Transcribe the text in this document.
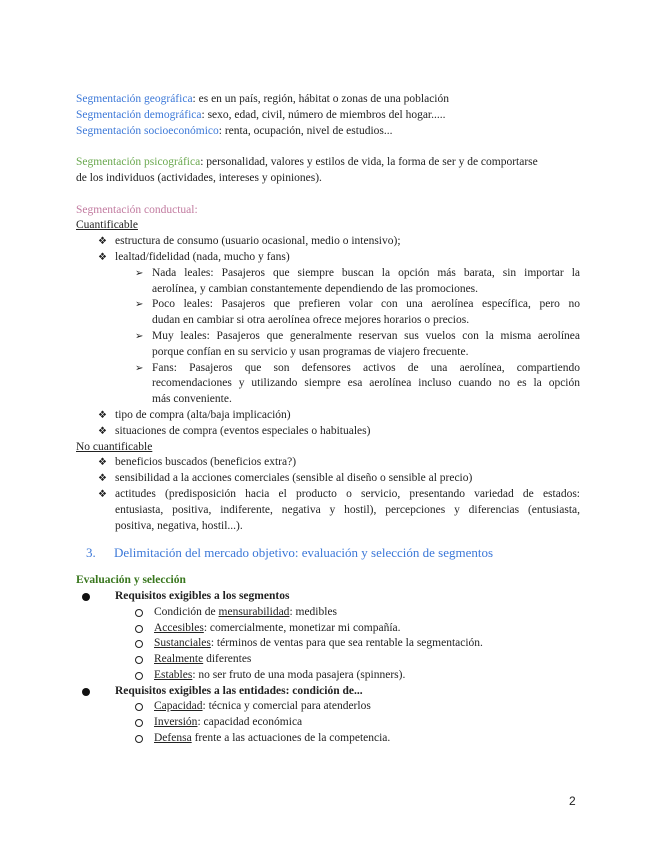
Segmentación geográfica: es en un país, región, hábitat o zonas de una población
Segmentación demográfica: sexo, edad, civil, número de miembros del hogar.....
Segmentación socioeconómico: renta, ocupación, nivel de estudios...
Segmentación psicográfica: personalidad, valores y estilos de vida, la forma de ser y de comportarse
de los individuos (actividades, intereses y opiniones).
Segmentación conductual:
Cuantificable
❖ estructura de consumo (usuario ocasional, medio o intensivo);
❖ lealtad/fidelidad (nada, mucho y fans)
➢ Nada leales: Pasajeros que siempre buscan la opción más barata, sin importar la
aerolínea, y cambian constantemente dependiendo de las promociones.
➢ Poco leales: Pasajeros que prefieren volar con una aerolínea específica, pero no
dudan en cambiar si otra aerolínea ofrece mejores horarios o precios.
➢ Muy leales: Pasajeros que generalmente reservan sus vuelos con la misma aerolínea
porque confían en su servicio y usan programas de viajero frecuente.
➢ Fans: Pasajeros que son defensores activos de una aerolínea, compartiendo
recomendaciones y utilizando siempre esa aerolínea incluso cuando no es la opción
más conveniente.
❖ tipo de compra (alta/baja implicación)
❖ situaciones de compra (eventos especiales o habituales)
No cuantificable
❖ beneficios buscados (beneficios extra?)
❖ sensibilidad a la acciones comerciales (sensible al diseño o sensible al precio)
❖ actitudes (predisposición hacia el producto o servicio, presentando variedad de estados:
entusiasta, positiva, indiferente, negativa y hostil), percepciones y diferencias (entusiasta,
positiva, negativa, hostil...).
3. Delimitación del mercado objetivo: evaluación y selección de segmentos
Evaluación y selección
Requisitos exigibles a los segmentos
Condición de mensurabilidad: medibles
Accesibles: comercialmente, monetizar mi compañía.
Sustanciales: términos de ventas para que sea rentable la segmentación.
Realmente diferentes
Estables: no ser fruto de una moda pasajera (spinners).
Requisitos exigibles a las entidades: condición de...
Capacidad: técnica y comercial para atenderlos
Inversión: capacidad económica
Defensa frente a las actuaciones de la competencia.
2
